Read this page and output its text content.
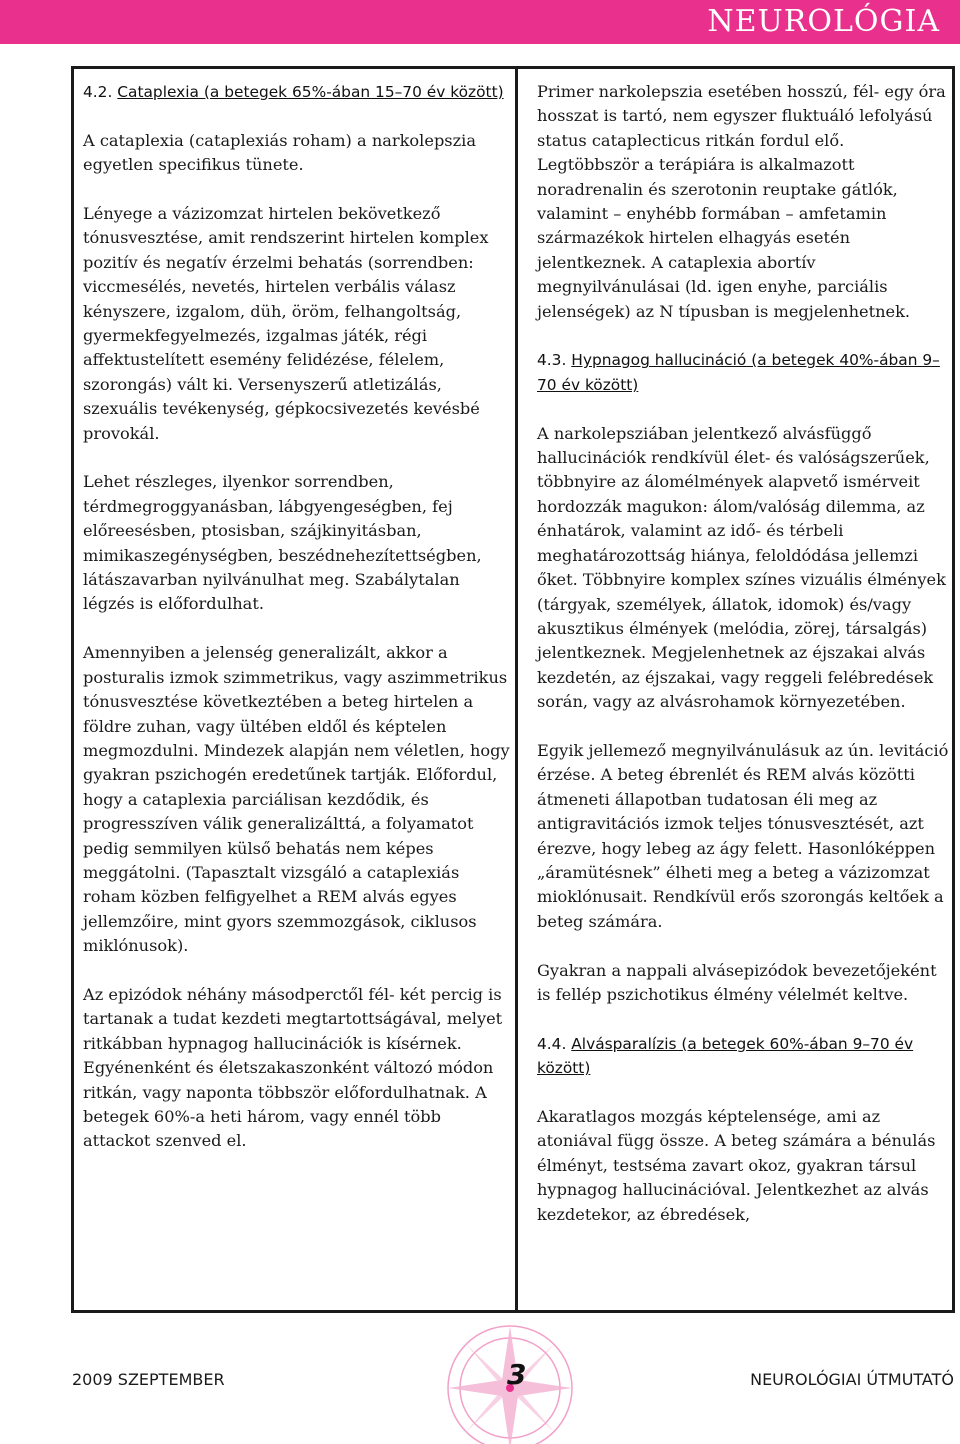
NEUROLÓGIA
4.2. Cataplexia (a betegek 65%-ában 15–70 év között)

A cataplexia (cataplexiás roham) a narkolepszia egyetlen specifikus tünete.

Lényege a vázizomzat hirtelen bekövetkező tónusvesztése, amit rendszerint hirtelen komplex pozitív és negatív érzelmi behatás (sorrendben: viccmesélés, nevetés, hirtelen verbális válasz kényszere, izgalom, düh, öröm, felhangoltság, gyermekfegyelmezés, izgalmas játék, régi affektustelített esemény felidézése, félelem, szorongás) vált ki. Versenyszerű atletizálás, szexuális tevékenység, gépkocsivezetés kevésbé provokál.

Lehet részleges, ilyenkor sorrendben, térdmegroggyanásban, lábgyengeségben, fej előreesésben, ptosisban, szájkinyitásban, mimikaszegénységben, beszédnehezítettségben, látászavarban nyilvánulhat meg. Szabálytalan légzés is előfordulhat.

Amennyiben a jelenség generalizált, akkor a posturalis izmok szimmetrikus, vagy aszimmetrikus tónusvesztése következtében a beteg hirtelen a földre zuhan, vagy ültében eldől és képtelen megmozdulni. Mindezek alapján nem véletlen, hogy gyakran pszichogén eredetűnek tartják. Előfordul, hogy a cataplexia parciálisan kezdődik, és progresszíven válik generalizálttá, a folyamatot pedig semmilyen külső behatás nem képes meggátolni. (Tapasztalt vizsgáló a cataplexiás roham közben felfigyelhet a REM alvás egyes jellemzőire, mint gyors szemmozgások, ciklusos miklónusok).

Az epizódok néhány másodperctől fél- két percig is tartanak a tudat kezdeti megtartottságával, melyet ritkábban hypnagog hallucinációk is kísérnek. Egyénenként és életszakaszonként változó módon ritkán, vagy naponta többször előfordulhatnak. A betegek 60%-a heti három, vagy ennél több attackot szenved el.

Primer narkolepszia esetében hosszú, fél- egy óra hosszat is tartó, nem egyszer fluktuáló lefolyású status cataplecticus ritkán fordul elő. Legtöbbször a terápiára is alkalmazott noradrenalin és szerotonin reuptake gátlók, valamint – enyhébb formában – amfetamin származékok hirtelen elhagyás esetén jelentkeznek. A cataplexia abortív megnyilvánulásai (ld. igen enyhe, parciális jelenségek) az N típusban is megjelenhetnek.

4.3. Hypnagog hallucináció (a betegek 40%-ában 9–70 év között)

A narkolepsziában jelentkező alvásfüggő hallucinációk rendkívül élet- és valóságszerűek, többnyire az álomélmények alapvető ismérveit hordozzák magukon: álom/valóság dilemma, az énhatárok, valamint az idő- és térbeli meghatározottság hiánya, feloldódása jellemzi őket. Többnyire komplex színes vizuális élmények (tárgyak, személyek, állatok, idomok) és/vagy akusztikus élmények (melódia, zörej, társalgás) jelentkeznek. Megjelenhetnek az éjszakai alvás kezdetén, az éjszakai, vagy reggeli felébredések során, vagy az alvásrohamok környezetében.

Egyik jellemező megnyilvánulásuk az ún. levitáció érzése. A beteg ébrenlét és REM alvás közötti átmeneti állapotban tudatosan éli meg az antigravitációs izmok teljes tónusvesztését, azt érezve, hogy lebeg az ágy felett. Hasonlóképpen „áramütésnek” élheti meg a beteg a vázizomzat mioklónusait. Rendkívül erős szorongás keltőek a beteg számára.

Gyakran a nappali alvásepizódok bevezetőjeként is fellép pszichotikus élmény vélelmét keltve.

4.4. Alvásparalízis (a betegek 60%-ában 9–70 év között)

Akaratlagos mozgás képtelensége, ami az atoniával függ össze. A beteg számára a bénulás élményt, testséma zavart okoz, gyakran társul hypnagog hallucinációval. Jelentkezhet az alvás kezdetekor, az ébredések,

2009 SZEPTEMBER	3	NEUROLÓGIAI ÚTMUTATÓ
